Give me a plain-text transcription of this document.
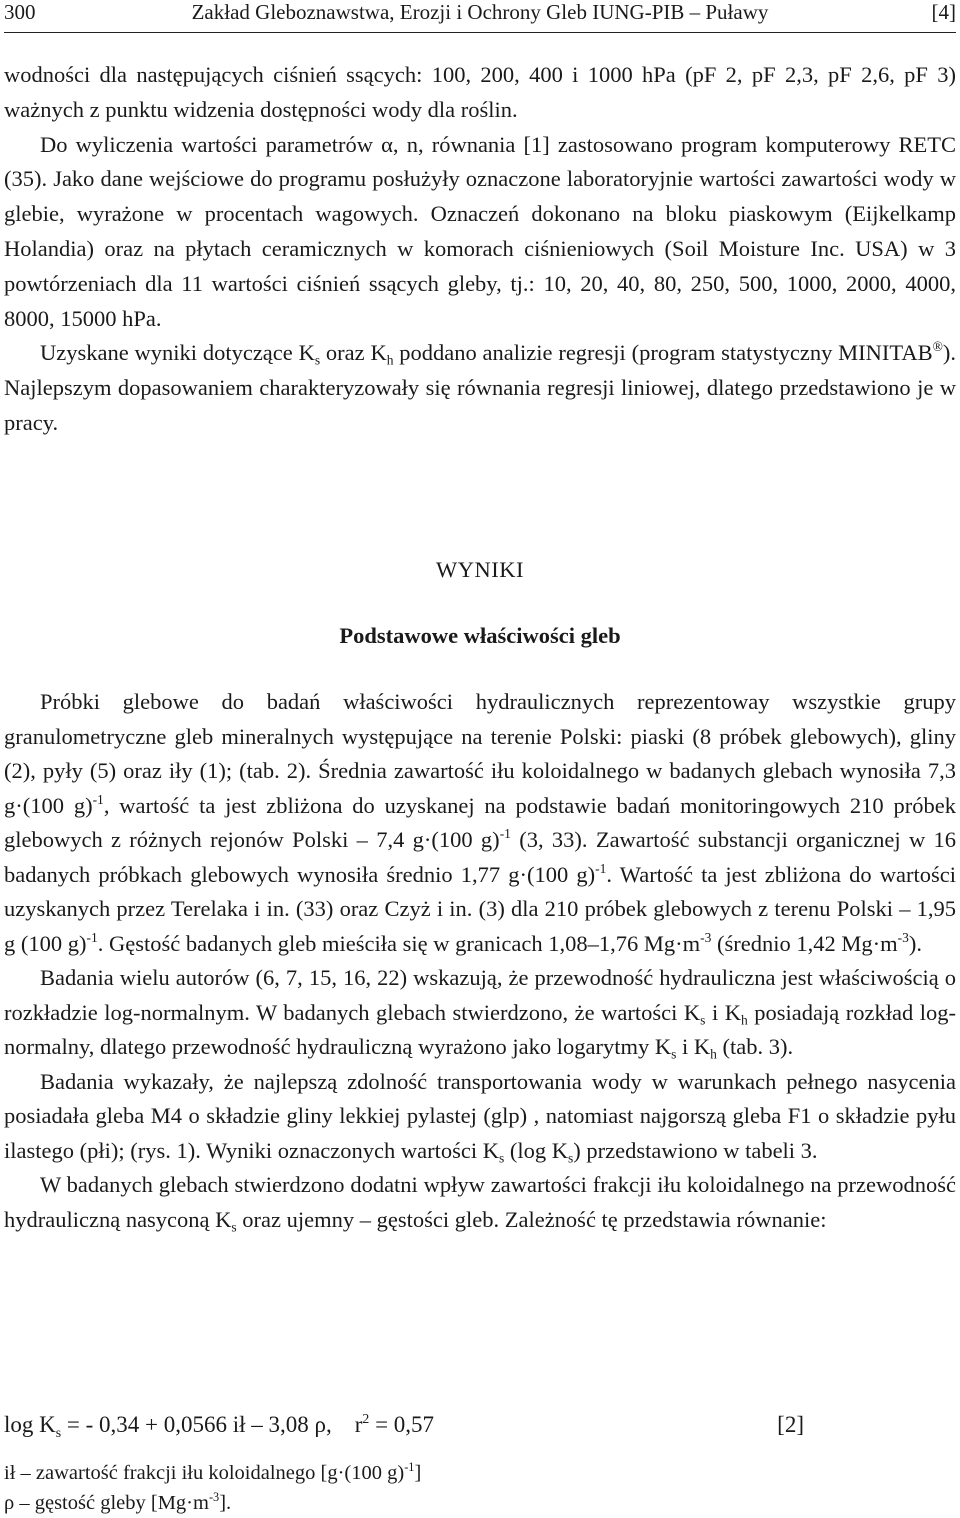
300	Zakład Gleboznawstwa, Erozji i Ochrony Gleb IUNG-PIB – Puławy	[4]

wodności dla następujących ciśnień ssących: 100, 200, 400 i 1000 hPa (pF 2, pF 2,3, pF 2,6, pF 3) ważnych z punktu widzenia dostępności wody dla roślin.

Do wyliczenia wartości parametrów α, n, równania [1] zastosowano program komputerowy RETC (35). Jako dane wejściowe do programu posłużyły oznaczone laboratoryjnie wartości zawartości wody w glebie, wyrażone w procentach wagowych. Oznaczeń dokonano na bloku piaskowym (Eijkelkamp Holandia) oraz na płytach ceramicznych w komorach ciśnieniowych (Soil Moisture Inc. USA) w 3 powtórzeniach dla 11 wartości ciśnień ssących gleby, tj.: 10, 20, 40, 80, 250, 500, 1000, 2000, 4000, 8000, 15000 hPa.

Uzyskane wyniki dotyczące $K_s$ oraz $K_h$ poddano analizie regresji (program statystyczny MINITAB®). Najlepszym dopasowaniem charakteryzowały się równania regresji liniowej, dlatego przedstawiono je w pracy.

WYNIKI
Podstawowe właściwości gleb

Próbki glebowe do badań właściwości hydraulicznych reprezentoway wszystkie grupy granulometryczne gleb mineralnych występujące na terenie Polski: piaski (8 próbek glebowych), gliny (2), pyły (5) oraz iły (1); (tab. 2). Średnia zawartość iłu koloidalnego w badanych glebach wynosiła 7,3 g·(100 g)$^{-1}$, wartość ta jest zbliżona do uzyskanej na podstawie badań monitoringowych 210 próbek glebowych z różnych rejonów Polski – 7,4 g·(100 g)$^{-1}$ (3, 33). Zawartość substancji organicznej w 16 badanych próbkach glebowych wynosiła średnio 1,77 g·(100 g)$^{-1}$. Wartość ta jest zbliżona do wartości uzyskanych przez Terelaka i in. (33) oraz Czyż i in. (3) dla 210 próbek glebowych z terenu Polski – 1,95 g (100 g)$^{-1}$. Gęstość badanych gleb mieściła się w granicach 1,08–1,76 $Mg\cdot m^{-3}$ (średnio 1,42 $Mg\cdot m^{-3}$).

Badania wielu autorów (6, 7, 15, 16, 22) wskazują, że przewodność hydrauliczna jest właściwością o rozkładzie log-normalnym. W badanych glebach stwierdzono, że wartości $K_s$ i $K_h$ posiadają rozkład log-normalny, dlatego przewodność hydrauliczną wyrażono jako logarytmy $K_s$ i $K_h$ (tab. 3).

Badania wykazały, że najlepszą zdolność transportowania wody w warunkach pełnego nasycenia posiadała gleba M4 o składzie gliny lekkiej pylastej (glp) , natomiast najgorszą gleba F1 o składzie pyłu ilastego (płi); (rys. 1). Wyniki oznaczonych wartości $K_s$ (log $K_s$) przedstawiono w tabeli 3.

W badanych glebach stwierdzono dodatni wpływ zawartości frakcji iłu koloidalnego na przewodność hydrauliczną nasyconą $K_s$ oraz ujemny – gęstości gleb. Zależność tę przedstawia równanie:

$\log K_s$ = - 0,34 + 0,0566 ił – 3,08 ρ,    $r^2 = 0,57$	[2]

ił – zawartość frakcji iłu koloidalnego [g·(100 g)$^{-1}$]

ρ – gęstość gleby $[Mg\cdot m^{-3}]$.
